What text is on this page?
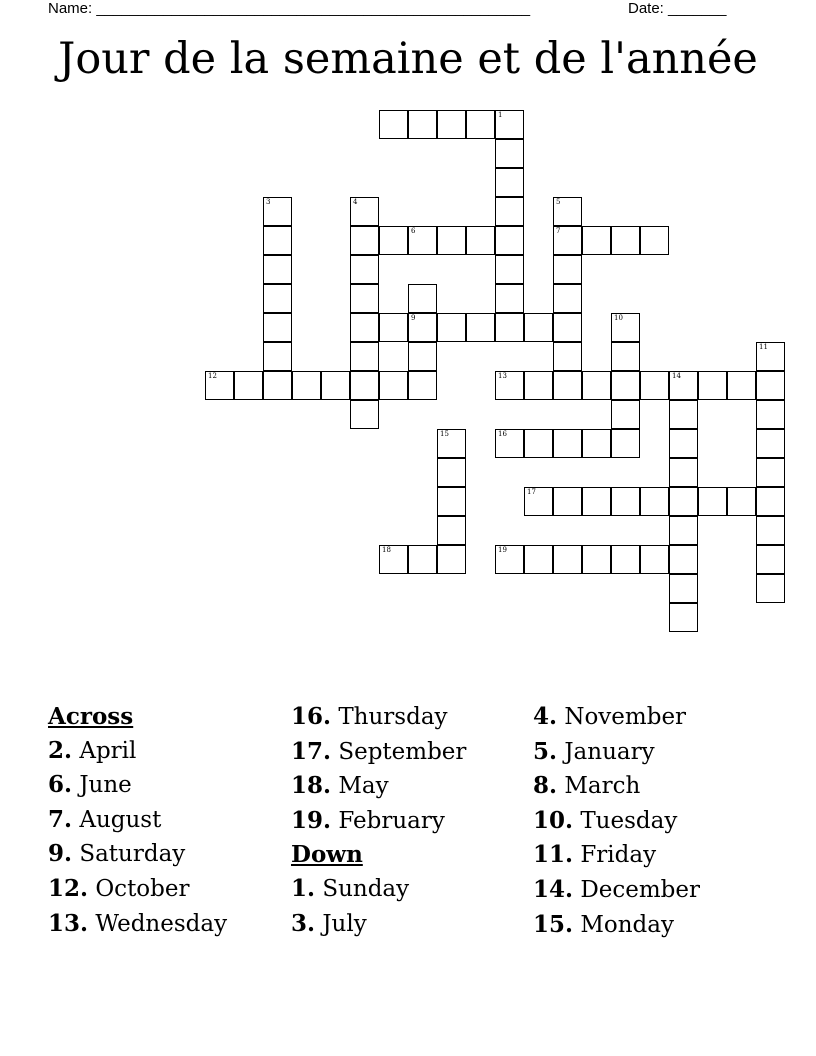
Name: ____________________________________________________	Date: _______
Jour de la semaine et de l'année
1
3	4
6
5
7
9	10
11
12	13	14
15	16
17
18	19
Across
2. April
6. June
7. August
9. Saturday
12. October
13. Wednesday
16. Thursday
17. September
18. May
19. February
Down
1. Sunday
3. July
4. November
5. January
8. March
10. Tuesday
11. Friday
14. December
15. Monday
